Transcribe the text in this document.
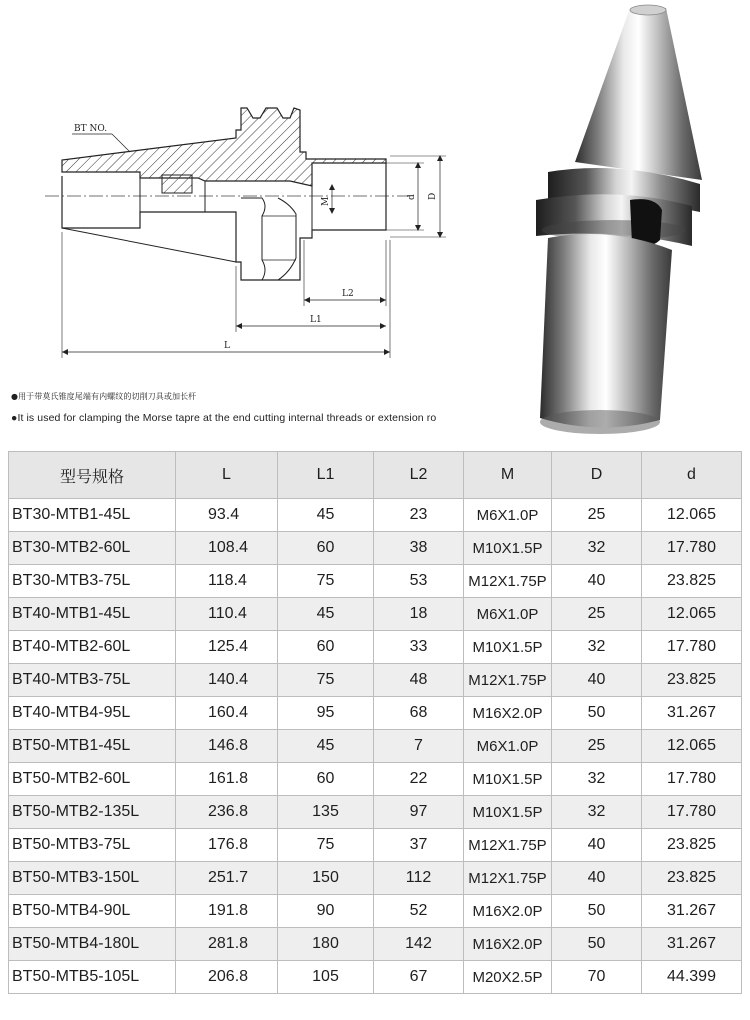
M	d D
L2
L1
L
BT NO.
●用于带莫氏锥度尾端有内螺纹的切削刀具或加长杆
●It is used for clamping the Morse tapre at the end cutting internal threads or extension ro
型号规格	L	L1	L2	M	D	d
BT30-MTB1-45L	93.4	45	23	M6X1.0P	25	12.065
BT30-MTB2-60L	108.4	60	38	M10X1.5P	32	17.780
BT30-MTB3-75L	118.4	75	53	M12X1.75P	40	23.825
BT40-MTB1-45L	110.4	45	18	M6X1.0P	25	12.065
BT40-MTB2-60L	125.4	60	33	M10X1.5P	32	17.780
BT40-MTB3-75L	140.4	75	48	M12X1.75P	40	23.825
BT40-MTB4-95L	160.4	95	68	M16X2.0P	50	31.267
BT50-MTB1-45L	146.8	45	7	M6X1.0P	25	12.065
BT50-MTB2-60L	161.8	60	22	M10X1.5P	32	17.780
BT50-MTB2-135L	236.8	135	97	M10X1.5P	32	17.780
BT50-MTB3-75L	176.8	75	37	M12X1.75P	40	23.825
BT50-MTB3-150L	251.7	150	112	M12X1.75P	40	23.825
BT50-MTB4-90L	191.8	90	52	M16X2.0P	50	31.267
BT50-MTB4-180L	281.8	180	142	M16X2.0P	50	31.267
BT50-MTB5-105L	206.8	105	67	M20X2.5P	70	44.399
